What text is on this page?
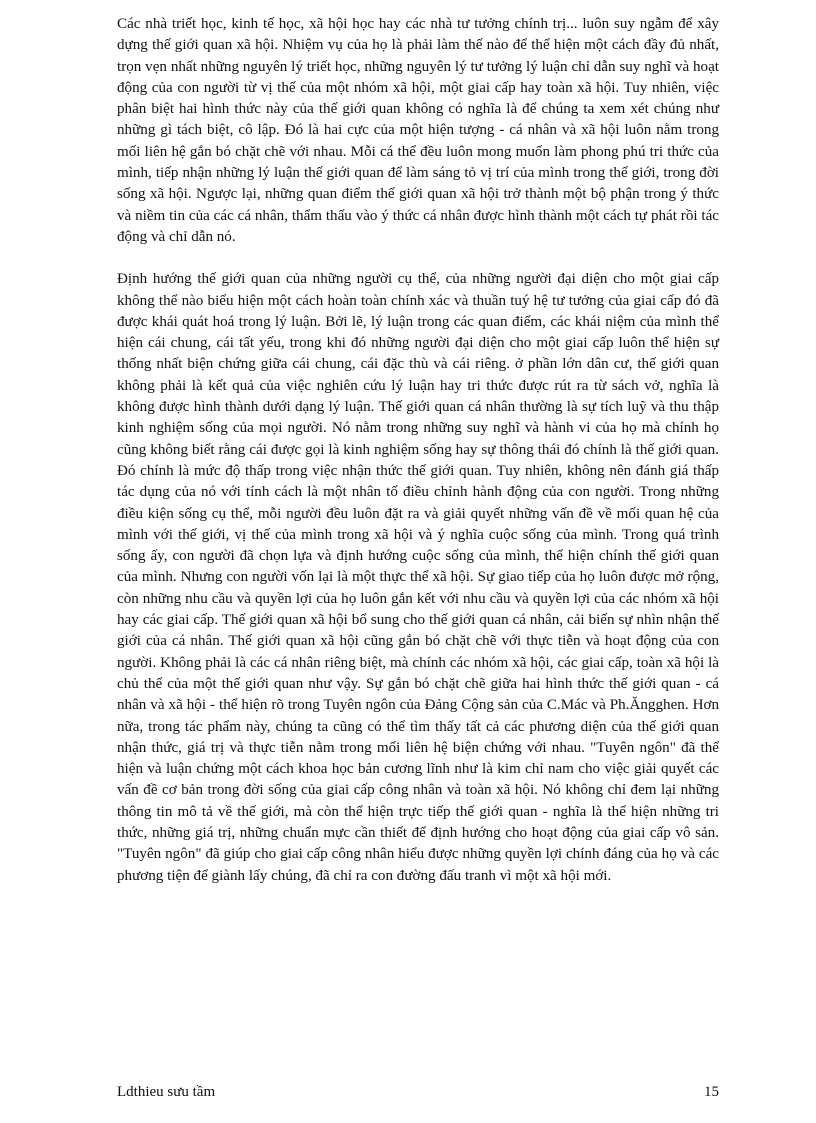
Các nhà triết học, kinh tế học, xã hội học hay các nhà tư tưởng chính trị... luôn suy ngẫm để xây dựng thế giới quan xã hội. Nhiệm vụ của họ là phải làm thế nào để thể hiện một cách đầy đủ nhất, trọn vẹn nhất những nguyên lý triết học, những nguyên lý tư tưởng lý luận chỉ dẫn suy nghĩ và hoạt động của con người từ vị thế của một nhóm xã hội, một giai cấp hay toàn xã hội. Tuy nhiên, việc phân biệt hai hình thức này của thế giới quan không có nghĩa là để chúng ta xem xét chúng như những gì tách biệt, cô lập. Đó là hai cực của một hiện tượng - cá nhân và xã hội luôn nằm trong mối liên hệ gắn bó chặt chẽ với nhau. Mỗi cá thể đều luôn mong muốn làm phong phú tri thức của mình, tiếp nhận những lý luận thế giới quan để làm sáng tỏ vị trí của mình trong thế giới, trong đời sống xã hội. Ngược lại, những quan điểm thế giới quan xã hội trở thành một bộ phận trong ý thức và niềm tin của các cá nhân, thẩm thấu vào ý thức cá nhân được hình thành một cách tự phát rồi tác động và chỉ dẫn nó.

Định hướng thế giới quan của những người cụ thể, của những người đại diện cho một giai cấp không thể nào biểu hiện một cách hoàn toàn chính xác và thuần tuý hệ tư tưởng của giai cấp đó đã được khái quát hoá trong lý luận. Bởi lẽ, lý luận trong các quan điểm, các khái niệm của mình thể hiện cái chung, cái tất yếu, trong khi đó những người đại diện cho một giai cấp luôn thể hiện sự thống nhất biện chứng giữa cái chung, cái đặc thù và cái riêng. ở phần lớn dân cư, thế giới quan không phải là kết quả của việc nghiên cứu lý luận hay tri thức được rút ra từ sách vở, nghĩa là không được hình thành dưới dạng lý luận. Thế giới quan cá nhân thường là sự tích luỹ và thu thập kinh nghiệm sống của mọi người. Nó nằm trong những suy nghĩ và hành vi của họ mà chính họ cũng không biết rằng cái được gọi là kinh nghiệm sống hay sự thông thái đó chính là thế giới quan. Đó chính là mức độ thấp trong việc nhận thức thế giới quan. Tuy nhiên, không nên đánh giá thấp tác dụng của nó với tính cách là một nhân tố điều chỉnh hành động của con người. Trong những điều kiện sống cụ thể, mỗi người đều luôn đặt ra và giải quyết những vấn đề về mối quan hệ của mình với thế giới, vị thế của mình trong xã hội và ý nghĩa cuộc sống của mình. Trong quá trình sống ấy, con người đã chọn lựa và định hướng cuộc sống của mình, thể hiện chính thế giới quan của mình. Nhưng con người vốn lại là một thực thể xã hội. Sự giao tiếp của họ luôn được mở rộng, còn những nhu cầu và quyền lợi của họ luôn gắn kết với nhu cầu và quyền lợi của các nhóm xã hội hay các giai cấp. Thế giới quan xã hội bổ sung cho thế giới quan cá nhân, cải biến sự nhìn nhận thế giới của cá nhân. Thế giới quan xã hội cũng gắn bó chặt chẽ với thực tiễn và hoạt động của con người. Không phải là các cá nhân riêng biệt, mà chính các nhóm xã hội, các giai cấp, toàn xã hội là chủ thể của một thế giới quan như vậy. Sự gắn bó chặt chẽ giữa hai hình thức thế giới quan - cá nhân và xã hội - thể hiện rõ trong Tuyên ngôn của Đảng Cộng sản của C.Mác và Ph.Ăngghen. Hơn nữa, trong tác phẩm này, chúng ta cũng có thể tìm thấy tất cả các phương diện của thế giới quan nhận thức, giá trị và thực tiễn nằm trong mối liên hệ biện chứng với nhau. "Tuyên ngôn" đã thể hiện và luận chứng một cách khoa học bản cương lĩnh như là kim chỉ nam cho việc giải quyết các vấn đề cơ bản trong đời sống của giai cấp công nhân và toàn xã hội. Nó không chỉ đem lại những thông tin mô tả về thế giới, mà còn thể hiện trực tiếp thế giới quan - nghĩa là thể hiện những tri thức, những giá trị, những chuẩn mực cần thiết để định hướng cho hoạt động của giai cấp vô sản. "Tuyên ngôn" đã giúp cho giai cấp công nhân hiểu được những quyền lợi chính đáng của họ và các phương tiện để giành lấy chúng, đã chỉ ra con đường đấu tranh vì một xã hội mới.

Ldthieu sưu tầm	15
